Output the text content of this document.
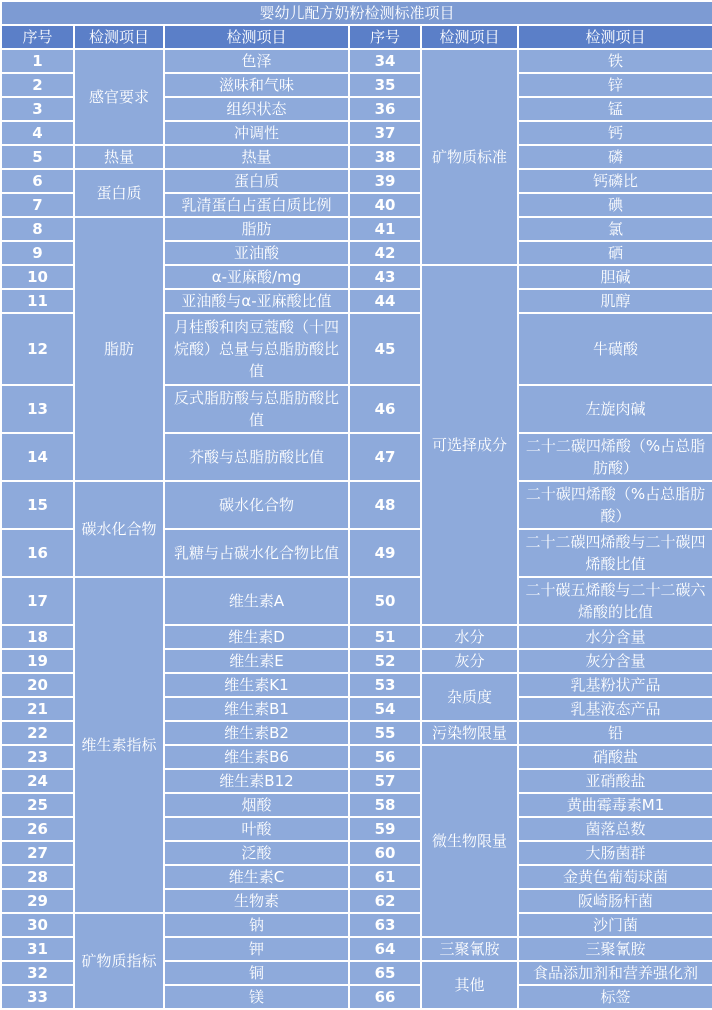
婴幼儿配方奶粉检测标准项目					
序号	检测项目	检测项目	序号	检测项目	检测项目
1	感官要求	色泽	34	矿物质标准	铁
2		滋味和气味	35		锌
3		组织状态	36		锰
4		冲调性	37		钙
5	热量	热量	38		磷
6	蛋白质	蛋白质	39		钙磷比
7		乳清蛋白占蛋白质比例	40		碘
8	脂肪	脂肪	41		氯
9		亚油酸	42		硒
10		α-亚麻酸/mg	43	可选择成分	胆碱
11		亚油酸与α-亚麻酸比值	44		肌醇
12		月桂酸和肉豆蔻酸（十四烷酸）总量与总脂肪酸比值	45		牛磺酸
13		反式脂肪酸与总脂肪酸比值	46		左旋肉碱
14		芥酸与总脂肪酸比值	47		二十二碳四烯酸（%占总脂肪酸）
15	碳水化合物	碳水化合物	48		二十碳四烯酸（%占总脂肪酸）
16		乳糖与占碳水化合物比值	49		二十二碳四烯酸与二十碳四烯酸比值
17	维生素指标	维生素A	50		二十碳五烯酸与二十二碳六烯酸的比值
18		维生素D	51	水分	水分含量
19		维生素E	52	灰分	灰分含量
20		维生素K1	53	杂质度	乳基粉状产品
21		维生素B1	54		乳基液态产品
22		维生素B2	55	污染物限量	铅
23		维生素B6	56	微生物限量	硝酸盐
24		维生素B12	57		亚硝酸盐
25		烟酸	58		黄曲霉毒素M1
26		叶酸	59		菌落总数
27		泛酸	60		大肠菌群
28		维生素C	61		金黄色葡萄球菌
29		生物素	62		阪崎肠杆菌
30	矿物质指标	钠	63		沙门菌
31		钾	64	三聚氰胺	三聚氰胺
32		铜	65	其他	食品添加剂和营养强化剂
33		镁	66		标签
